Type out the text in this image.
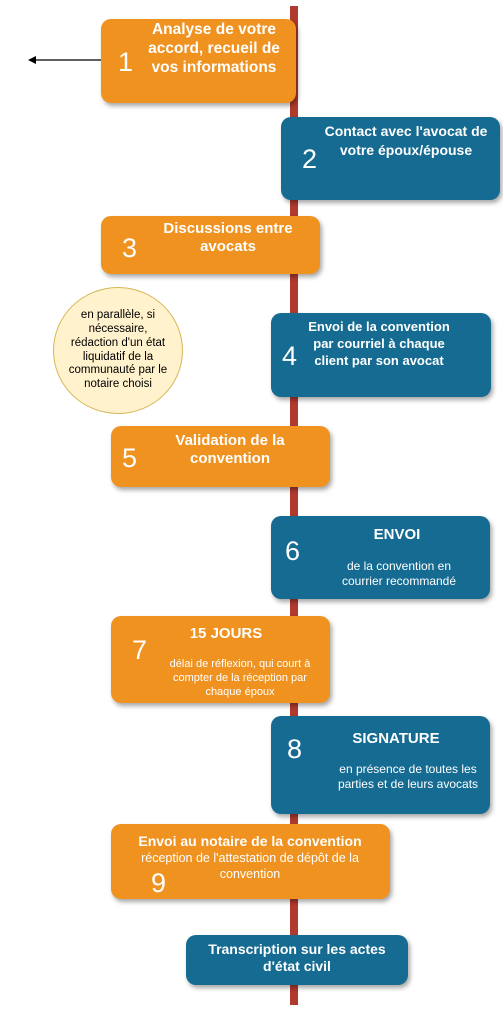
1
Analyse de votre accord, recueil de vos informations
2
Contact avec l'avocat de votre époux/épouse
3
Discussions entre avocats
en parallèle, si nécessaire, rédaction d'un état liquidatif de la communauté par le notaire choisi
4
Envoi de la convention par courriel à chaque client par son avocat
5
Validation de la convention
6
ENVOI
de la convention en courrier recommandé
7
15 JOURS
délai de réflexion, qui court à compter de la réception par chaque époux
8	SIGNATURE
en présence de toutes les parties et de leurs avocats
9
Envoi au notaire de la convention
réception de l'attestation de dépôt de la convention
Transcription sur les actes d'état civil
